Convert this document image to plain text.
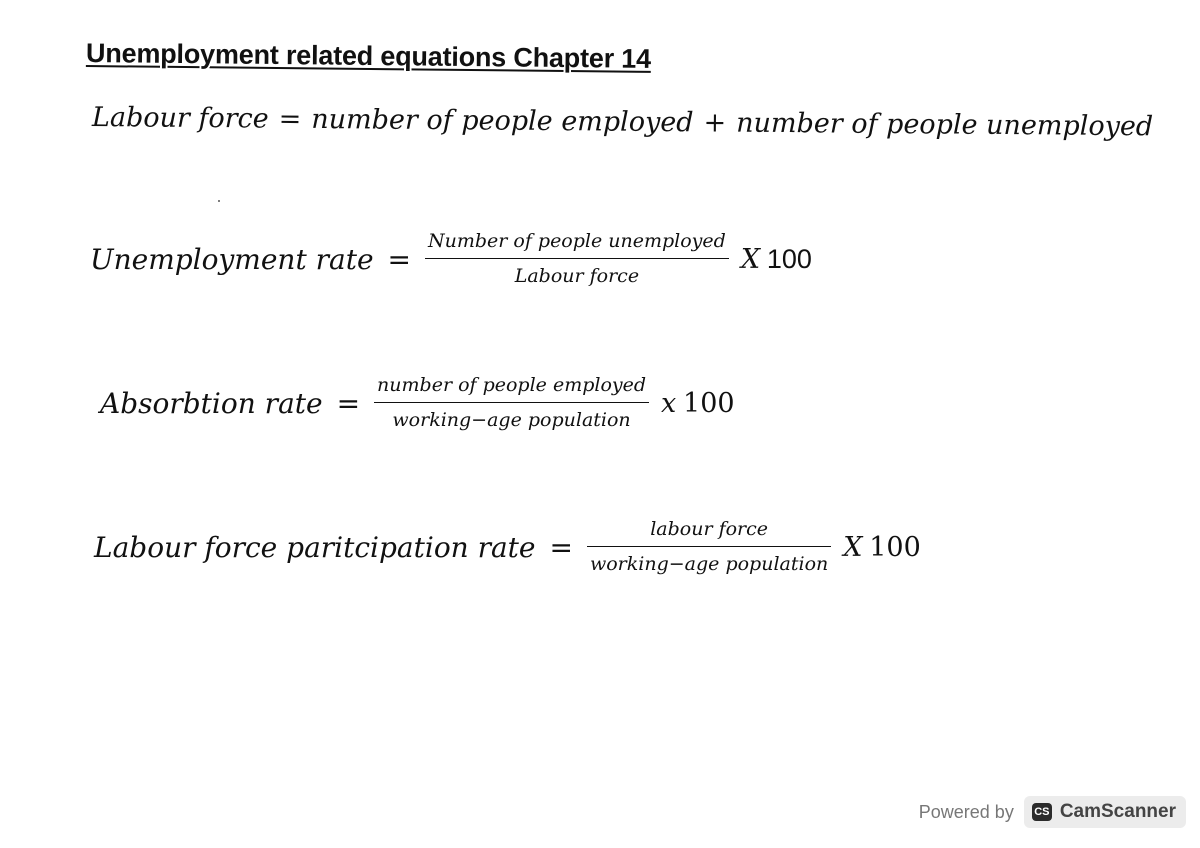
Unemployment related equations Chapter 14
Labour force = number of people employed + number of people unemployed
Unemployment rate = $\frac{\text{Number of people unemployed}}{\text{Labour force}}$ X 100
Absorbtion rate = $\frac{\text{number of people employed}}{\text{working−age population}}$ x 100
Labour force paritcipation rate = $\frac{\text{labour force}}{\text{working−age population}}$ X 100
Powered by CS CamScanner
